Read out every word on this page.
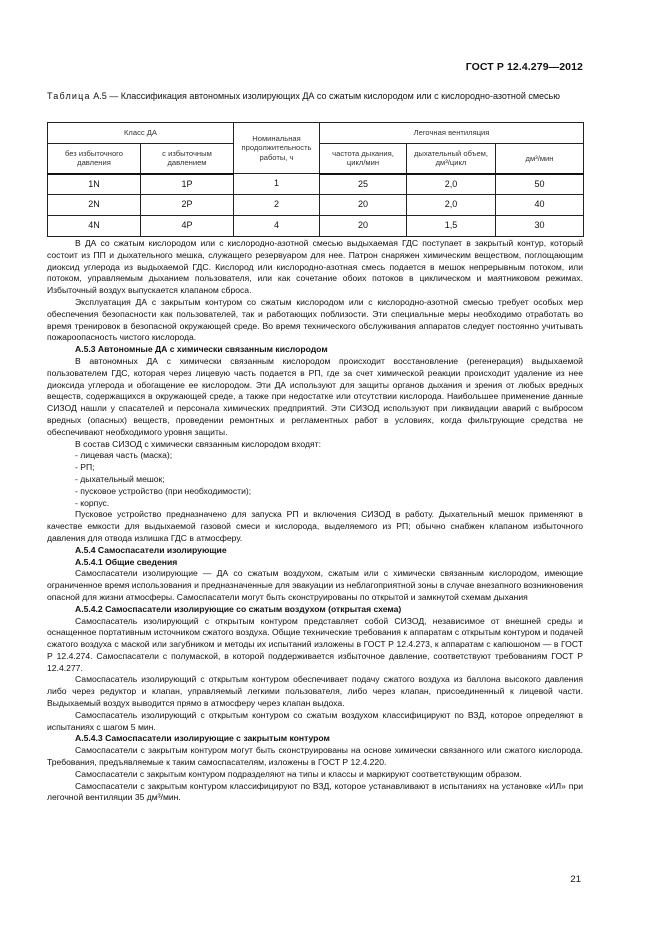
ГОСТ Р 12.4.279—2012
Таблица А.5 — Классификация автономных изолирующих ДА со сжатым кислородом или с кислородно-азотной смесью
Класс ДА		Номинальная продолжительность работы, ч	Легочная вентиляция		
без избыточного давления	с избыточным давлением		частота дыхания, цикл/мин	дыхательный объем, дм³/цикл	дм³/мин
1N	1P	1	25	2,0	50
2N	2P	2	20	2,0	40
4N	4P	4	20	1,5	30

В ДА со сжатым кислородом или с кислородно-азотной смесью выдыхаемая ГДС поступает в закрытый контур, который состоит из ПП и дыхательного мешка, служащего резервуаром для нее. Патрон снаряжен химическим веществом, поглощающим диоксид углерода из выдыхаемой ГДС. Кислород или кислородно-азотная смесь подается в мешок непрерывным потоком, или потоком, управляемым дыханием пользователя, или как сочетание обоих потоков в циклическом и маятниковом режимах. Избыточный воздух выпускается клапаном сброса.

Эксплуатация ДА с закрытым контуром со сжатым кислородом или с кислородно-азотной смесью требует особых мер обеспечения безопасности как пользователей, так и работающих поблизости. Эти специальные меры необходимо отработать во время тренировок в безопасной окружающей среде. Во время технического обслуживания аппаратов следует постоянно учитывать пожароопасность чистого кислорода.

А.5.3 Автономные ДА с химически связанным кислородом

В автономных ДА с химически связанным кислородом происходит восстановление (регенерация) выдыхаемой пользователем ГДС, которая через лицевую часть подается в РП, где за счет химической реакции происходит удаление из нее диоксида углерода и обогащение ее кислородом. Эти ДА используют для защиты органов дыхания и зрения от любых вредных веществ, содержащихся в окружающей среде, а также при недостатке или отсутствии кислорода. Наибольшее применение данные СИЗОД нашли у спасателей и персонала химических предприятий. Эти СИЗОД используют при ликвидации аварий с выбросом вредных (опасных) веществ, проведении ремонтных и регламентных работ в условиях, когда фильтрующие средства не обеспечивают необходимого уровня защиты.

В состав СИЗОД с химически связанным кислородом входят:

- лицевая часть (маска);

- РП;

- дыхательный мешок;

- пусковое устройство (при необходимости);

- корпус.

Пусковое устройство предназначено для запуска РП и включения СИЗОД в работу. Дыхательный мешок применяют в качестве емкости для выдыхаемой газовой смеси и кислорода, выделяемого из РП; обычно снабжен клапаном избыточного давления для отвода излишка ГДС в атмосферу.

А.5.4 Самоспасатели изолирующие

А.5.4.1 Общие сведения

Самоспасатели изолирующие — ДА со сжатым воздухом, сжатым или с химически связанным кислородом, имеющие ограниченное время использования и предназначенные для эвакуации из неблагоприятной зоны в случае внезапного возникновения опасной для жизни атмосферы. Самоспасатели могут быть сконструированы по открытой и замкнутой схемам дыхания

А.5.4.2 Самоспасатели изолирующие со сжатым воздухом (открытая схема)

Самоспасатель изолирующий с открытым контуром представляет собой СИЗОД, независимое от внешней среды и оснащенное портативным источником сжатого воздуха. Общие технические требования к аппаратам с открытым контуром и подачей сжатого воздуха с маской или загубником и методы их испытаний изложены в ГОСТ Р 12.4.273, к аппаратам с капюшоном — в ГОСТ Р 12.4.274. Самоспасатели с полумаской, в которой поддерживается избыточное давление, соответствуют требованиям ГОСТ Р 12.4.277.

Самоспасатель изолирующий с открытым контуром обеспечивает подачу сжатого воздуха из баллона высокого давления либо через редуктор и клапан, управляемый легкими пользователя, либо через клапан, присоединенный к лицевой части. Выдыхаемый воздух выводится прямо в атмосферу через клапан выдоха.

Самоспасатель изолирующий с открытым контуром со сжатым воздухом классифицируют по ВЗД, которое определяют в испытаниях с шагом 5 мин.

А.5.4.3 Самоспасатели изолирующие с закрытым контуром

Самоспасатели с закрытым контуром могут быть сконструированы на основе химически связанного или сжатого кислорода. Требования, предъявляемые к таким самоспасателям, изложены в ГОСТ Р 12.4.220.

Самоспасатели с закрытым контуром подразделяют на типы и классы и маркируют соответствующим образом.

Самоспасатели с закрытым контуром классифицируют по ВЗД, которое устанавливают в испытаниях на установке «ИЛ» при легочной вентиляции 35 дм³/мин.

21
